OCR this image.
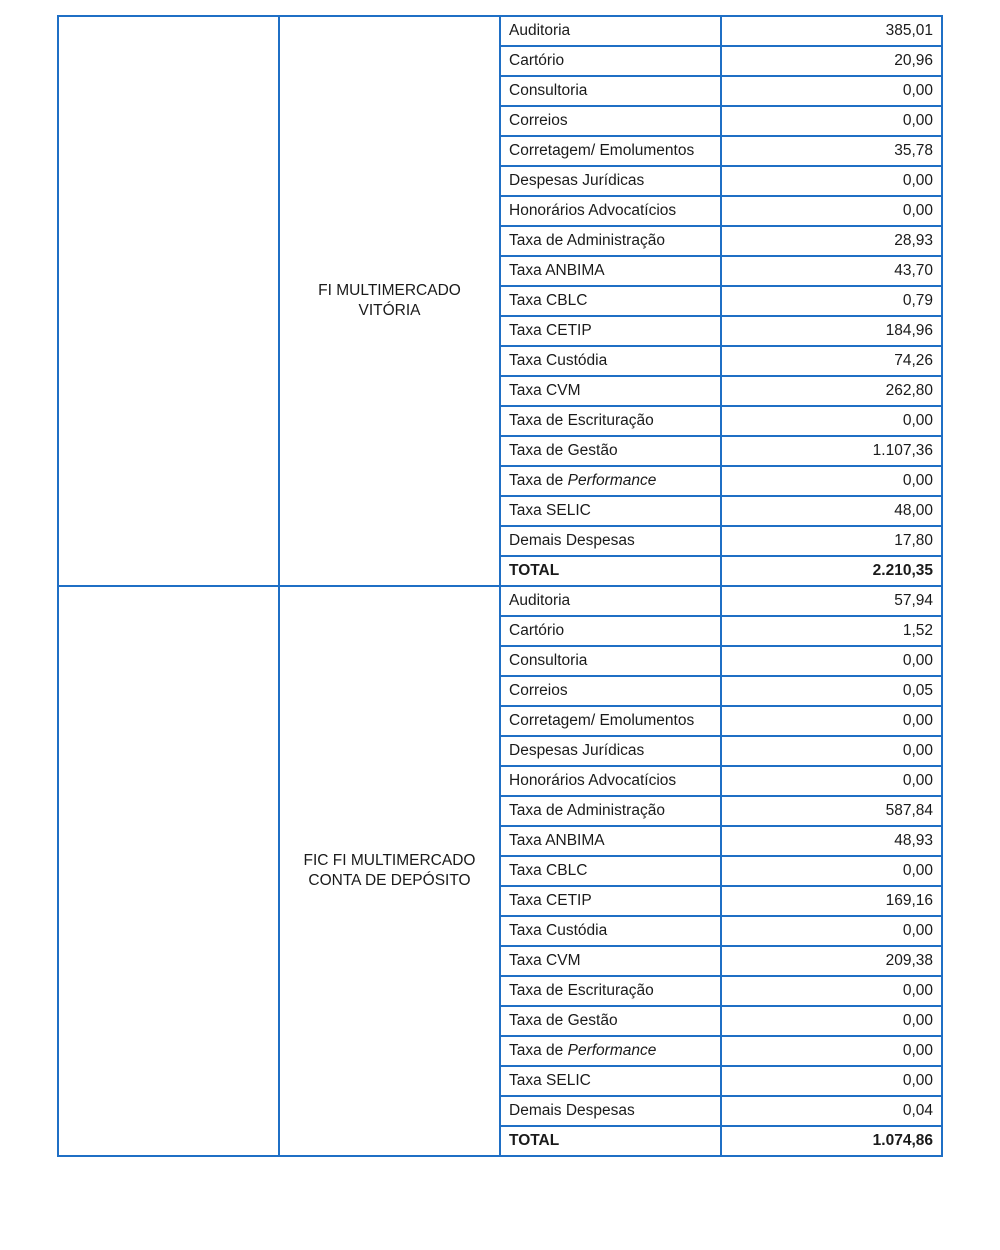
	FI MULTIMERCADO VITÓRIA	Auditoria	385,01
		Cartório	20,96
		Consultoria	0,00
		Correios	0,00
		Corretagem/ Emolumentos	35,78
		Despesas Jurídicas	0,00
		Honorários Advocatícios	0,00
		Taxa de Administração	28,93
		Taxa ANBIMA	43,70
		Taxa CBLC	0,79
		Taxa CETIP	184,96
		Taxa Custódia	74,26
		Taxa CVM	262,80
		Taxa de Escrituração	0,00
		Taxa de Gestão	1.107,36
		Taxa de Performance	0,00
		Taxa SELIC	48,00
		Demais Despesas	17,80
		TOTAL	2.210,35
	FIC FI MULTIMERCADO CONTA DE DEPÓSITO	Auditoria	57,94
		Cartório	1,52
		Consultoria	0,00
		Correios	0,05
		Corretagem/ Emolumentos	0,00
		Despesas Jurídicas	0,00
		Honorários Advocatícios	0,00
		Taxa de Administração	587,84
		Taxa ANBIMA	48,93
		Taxa CBLC	0,00
		Taxa CETIP	169,16
		Taxa Custódia	0,00
		Taxa CVM	209,38
		Taxa de Escrituração	0,00
		Taxa de Gestão	0,00
		Taxa de Performance	0,00
		Taxa SELIC	0,00
		Demais Despesas	0,04
		TOTAL	1.074,86
